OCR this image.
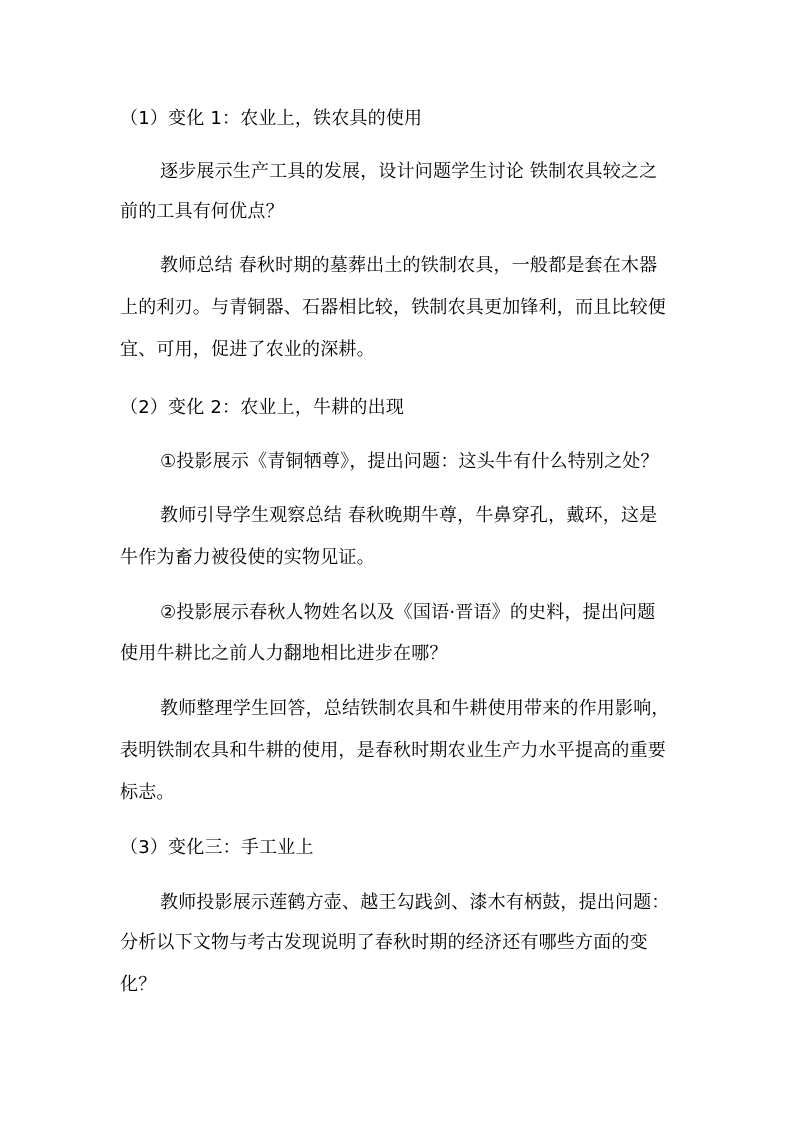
（1）变化 1：农业上，铁农具的使用
逐步展示生产工具的发展，设计问题学生讨论 铁制农具较之之
前的工具有何优点？
教师总结 春秋时期的墓葬出土的铁制农具，一般都是套在木器
上的利刃。与青铜器、石器相比较，铁制农具更加锋利，而且比较便
宜、可用，促进了农业的深耕。
（2）变化 2：农业上，牛耕的出现
①投影展示《青铜牺尊》，提出问题：这头牛有什么特别之处？
教师引导学生观察总结 春秋晚期牛尊，牛鼻穿孔，戴环，这是
牛作为畜力被役使的实物见证。
②投影展示春秋人物姓名以及《国语·晋语》的史料，提出问题
使用牛耕比之前人力翻地相比进步在哪？
教师整理学生回答，总结铁制农具和牛耕使用带来的作用影响，
表明铁制农具和牛耕的使用，是春秋时期农业生产力水平提高的重要
标志。
（3）变化三：手工业上
教师投影展示莲鹤方壶、越王勾践剑、漆木有柄鼓，提出问题：
分析以下文物与考古发现说明了春秋时期的经济还有哪些方面的变
化？
